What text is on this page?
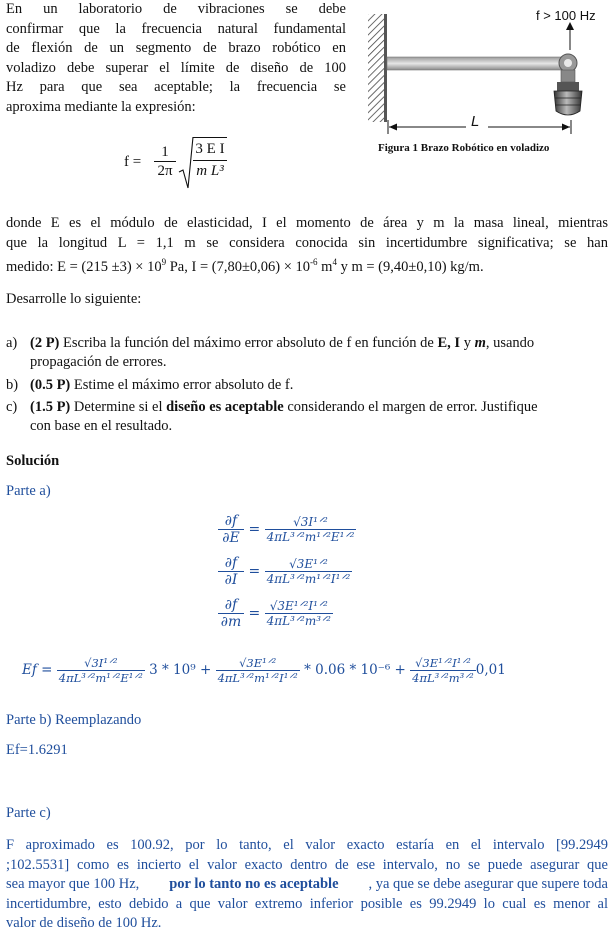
En un laboratorio de vibraciones se debe
confirmar que la frecuencia natural fundamental
de flexión de un segmento de brazo robótico en
voladizo debe superar el límite de diseño de 100
Hz para que sea aceptable; la frecuencia se
aproxima mediante la expresión:
f > 100 Hz
L
Figura 1 Brazo Robótico en voladizo
$f = \frac{1}{2\pi} \frac{\text{3 E I}}{\text{m L³}}$
donde E es el módulo de elasticidad, I el momento de área y m la masa lineal, mientras
que la longitud L = 1,1 m se considera conocida sin incertidumbre significativa; se han
medido: $E = (215 \pm 3) \times 10^9$ Pa, $I = (7,80\pm 0,06) \times 10^{-6}$ $m^4$ y m = (9,40±0,10) kg/m.
Desarrolle lo siguiente:
a) (2 P) Escriba la función del máximo error absoluto de f en función de E, I y m, usando
propagación de errores.
b) (0.5 P) Estime el máximo error absoluto de f.
c) (1.5 P) Determine si el diseño es aceptable considerando el margen de error. Justifique
con base en el resultado.
Solución
Parte a)
$\frac{\partial f}{\partial E} = \frac{\text{√3I¹ᐟ²}}{\text{4πL³ᐟ²m¹ᐟ²E¹ᐟ²}}$
$\frac{\partial f}{\partial I} = \frac{\text{√3E¹ᐟ²}}{\text{4πL³ᐟ²m¹ᐟ²I¹ᐟ²}}$
$\frac{\partial f}{\partial m} = \frac{\text{√3E¹ᐟ²I¹ᐟ²}}{\text{4πL³ᐟ²m³ᐟ²}}$
$Ef = \frac{\text{√3I¹ᐟ²}}{\text{4πL³ᐟ²m¹ᐟ²E¹ᐟ²}} 3 * 10^9 + \frac{\text{√3E¹ᐟ²}}{\text{4πL³ᐟ²m¹ᐟ²I¹ᐟ²}} * 0.06 * 10^{-6} + \frac{\text{√3E¹ᐟ²I¹ᐟ²}}{\text{4πL³ᐟ²m³ᐟ²}} 0,01$
Parte b) Reemplazando
Ef=1.6291
Parte c)
F aproximado es 100.92, por lo tanto, el valor exacto estaría en el intervalo [99.2949
;102.5531] como es incierto el valor exacto dentro de ese intervalo, no se puede asegurar que
sea mayor que 100 Hz, por lo tanto no es aceptable , ya que se debe asegurar que supere toda
incertidumbre, esto debido a que valor extremo inferior posible es 99.2949 lo cual es menor al
valor de diseño de 100 Hz.
